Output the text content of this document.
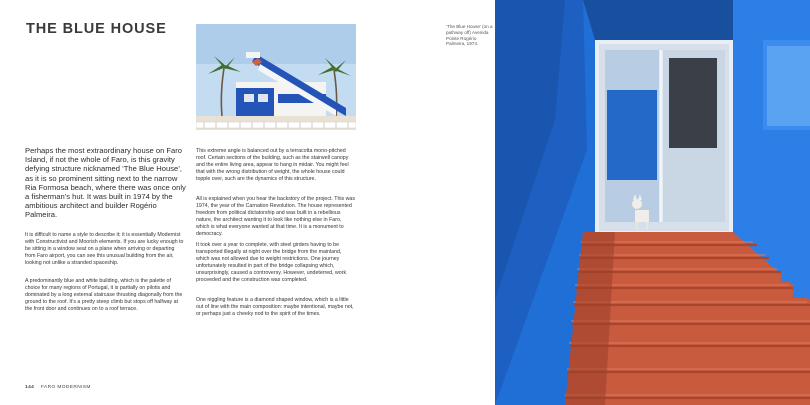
THE BLUE HOUSE

Perhaps the most extraordinary house on Faro Island, if not the whole of Faro, is this gravity defying structure nicknamed ‘The Blue House’, as it is so prominent sitting next to the narrow Ria Formosa beach, where there was once only a fisherman’s hut. It was built in 1974 by the ambitious architect and builder Rogério Palmeira.

It is difficult to name a style to describe it; it is essentially Modernist with Constructivist and Moorish elements. If you are lucky enough to be sitting in a window seat on a plane when arriving or departing from Faro airport, you can see this unusual building from the air, looking not unlike a stranded spaceship.

A predominantly blue and white building, which is the palette of choice for many regions of Portugal, it is partially on pilotis and dominated by a long external staircase thrusting diagonally from the ground to the roof. It’s a pretty steep climb but stops off halfway at the front door and continues on to a roof terrace.

This extreme angle is balanced out by a terracotta mono-pitched roof. Certain sections of the building, such as the stairwell canopy and the entire living area, appear to hang in midair. You might feel that with the wrong distribution of weight, the whole house could topple over, such are the dynamics of this structure.

All is explained when you hear the backstory of the project. This was 1974, the year of the Carnation Revolution. The house represented freedom from political dictatorship and was built in a rebellious nature, the architect wanting it to look like nothing else in Faro, which is what everyone wanted at that time. It is a monument to democracy.

It took over a year to complete, with steel girders having to be transported illegally at night over the bridge from the mainland, which was not allowed due to weight restrictions. One journey unfortunately resulted in part of the bridge collapsing which, unsurprisingly, caused a controversy. However, undeterred, work proceeded and the construction was completed.

One niggling feature is a diamond shaped window, which is a little out of line with the main composition: maybe intentional, maybe not, or perhaps just a cheeky nod to the spirit of the times.

‘The Blue House’ (on a pathway off) Avenida Pointe Rogério Palmeira, 1974.

144 FARO MODERNISM
